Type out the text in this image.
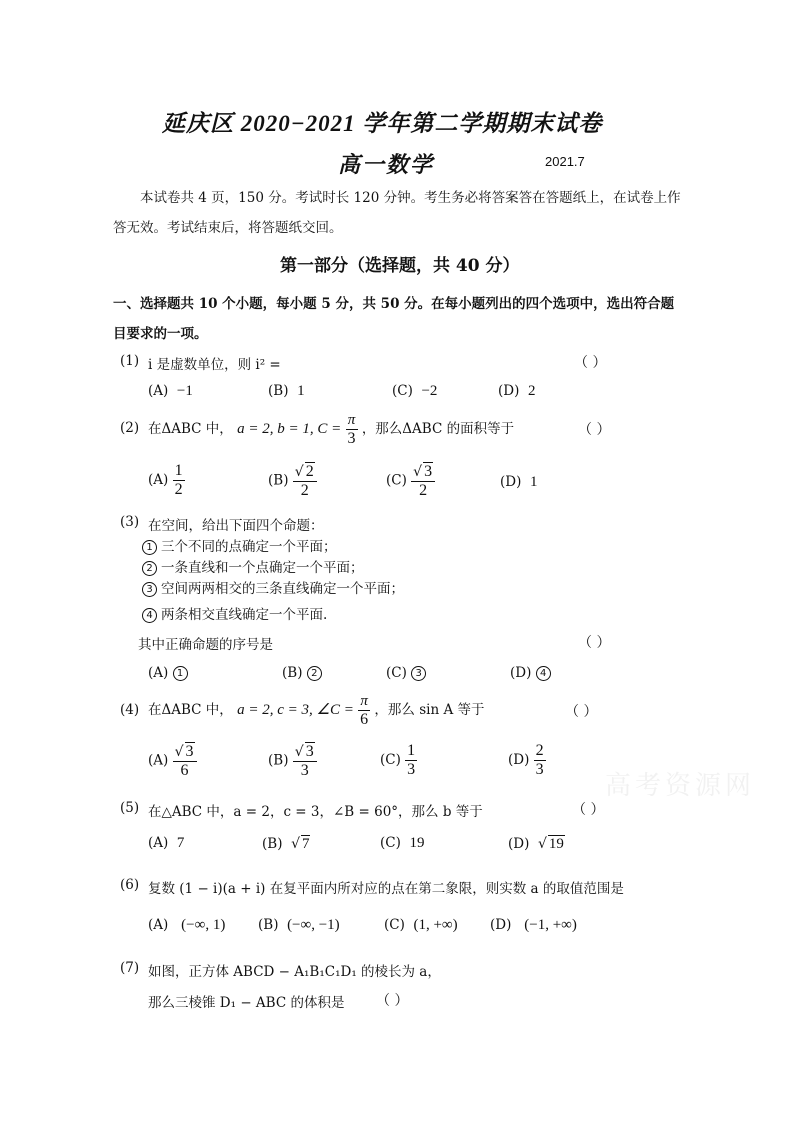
延庆区 2020−2021 学年第二学期期末试卷
高一数学	2021.7
本试卷共 4 页，150 分。考试时长 120 分钟。考生务必将答案答在答题纸上，在试卷上作
答无效。考试结束后，将答题纸交回。
第一部分（选择题，共 40 分）
一、选择题共 10 个小题，每小题 5 分，共 50 分。在每小题列出的四个选项中，选出符合题
目要求的一项。
(1) i 是虚数单位，则 i² =	（ ）
(A) −1	(B) 1	(C) −2	(D) 2
(2) 在ΔABC 中， a = 2, b = 1, $C = \frac{\pi}{3}$ ，那么ΔABC 的面积等于	（ ）
$(A) \frac{1}{2}$	$(B) \frac{√ 2}{2}$	$(C) \frac{√ 3}{2}$	(D) 1
(3) 在空间，给出下面四个命题：
1 三个不同的点确定一个平面；
2 一条直线和一个点确定一个平面；
3 空间两两相交的三条直线确定一个平面；
4 两条相交直线确定一个平面.
其中正确命题的序号是	（ ）
(A) 1	(B) 2	(C) 3	(D) 4
(4) 在ΔABC 中， a = 2, c = 3, ∠C = $\frac{\pi}{6}$ ，那么 sin A 等于	（ ）
$(A) \frac{√ 3}{6}$	$(B) \frac{√ 3}{3}$	$(C) \frac{1}{3}$	$(D) \frac{2}{3}$
高考资源网
(5) 在△ABC 中，a = 2，c = 3，∠B = 60°，那么 b 等于	（ ）
(A) 7	(B) √ 7	(C) 19	(D) √ 19
(6) 复数 (1 − i)(a + i) 在复平面内所对应的点在第二象限，则实数 a 的取值范围是
(A) (−∞, 1) (B) (−∞, −1)	(C) (1, +∞) (D) (−1, +∞)
(7) 如图，正方体 ABCD − A₁B₁C₁D₁ 的棱长为 a，
那么三棱锥 D₁ − ABC 的体积是 （ ）
